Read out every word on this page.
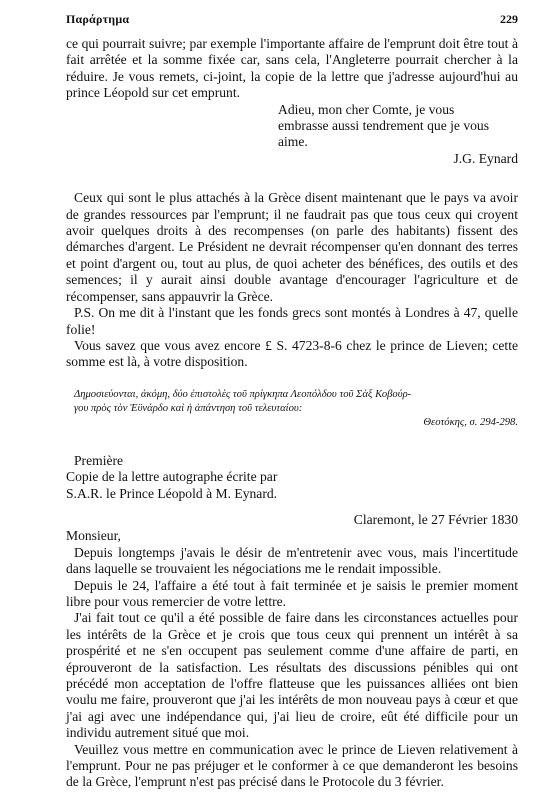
Παράρτημα	229

ce qui pourrait suivre; par exemple l'importante affaire de l'emprunt doit être tout à fait arrêtée et la somme fixée car, sans cela, l'Angleterre pourrait chercher à la réduire. Je vous remets, ci-joint, la copie de la lettre que j'adresse aujourd'hui au prince Léopold sur cet emprunt.

Adieu, mon cher Comte, je vous

embrasse aussi tendrement que je vous aime.

J.G. Eynard

Ceux qui sont le plus attachés à la Grèce disent maintenant que le pays va avoir de grandes ressources par l'emprunt; il ne faudrait pas que tous ceux qui croyent avoir quelques droits à des recompenses (on parle des habitants) fissent des démarches d'argent. Le Président ne devrait récompenser qu'en donnant des terres et point d'argent ou, tout au plus, de quoi acheter des bénéfices, des outils et des semences; il y aurait ainsi double avantage d'encourager l'agriculture et de récompenser, sans appauvrir la Grèce.

P.S. On me dit à l'instant que les fonds grecs sont montés à Londres à 47, quelle folie!

Vous savez que vous avez encore £ S. 4723-8-6 chez le prince de Lieven; cette somme est là, à votre disposition.

Δημοσιεύονται, ἀκόμη, δύο ἐπιστολὲς τοῦ πρίγκηπα Λεοπόλδου τοῦ Σὰξ Κοβούρ-
γου πρὸς τὸν Ἐϋνάρδο καὶ ἡ ἀπάντηση τοῦ τελευταίου:

Θεοτόκης, σ. 294-298.

Première

Copie de la lettre autographe écrite par

S.A.R. le Prince Léopold à M. Eynard.

Claremont, le 27 Février 1830

Monsieur,

Depuis longtemps j'avais le désir de m'entretenir avec vous, mais l'incertitude dans laquelle se trouvaient les négociations me le rendait impossible.

Depuis le 24, l'affaire a été tout à fait terminée et je saisis le premier moment libre pour vous remercier de votre lettre.

J'ai fait tout ce qu'il a été possible de faire dans les circonstances actuelles pour les intérêts de la Grèce et je crois que tous ceux qui prennent un intérêt à sa prospérité et ne s'en occupent pas seulement comme d'une affaire de parti, en éprouveront de la satisfaction. Les résultats des discussions pénibles qui ont précédé mon acceptation de l'offre flatteuse que les puissances alliées ont bien voulu me faire, prouveront que j'ai les intérêts de mon nouveau pays à cœur et que j'ai agi avec une indépendance qui, j'ai lieu de croire, eût été difficile pour un individu autrement situé que moi.

Veuillez vous mettre en communication avec le prince de Lieven relativement à l'emprunt. Pour ne pas préjuger et le conformer à ce que demanderont les besoins de la Grèce, l'emprunt n'est pas précisé dans le Protocole du 3 février.
